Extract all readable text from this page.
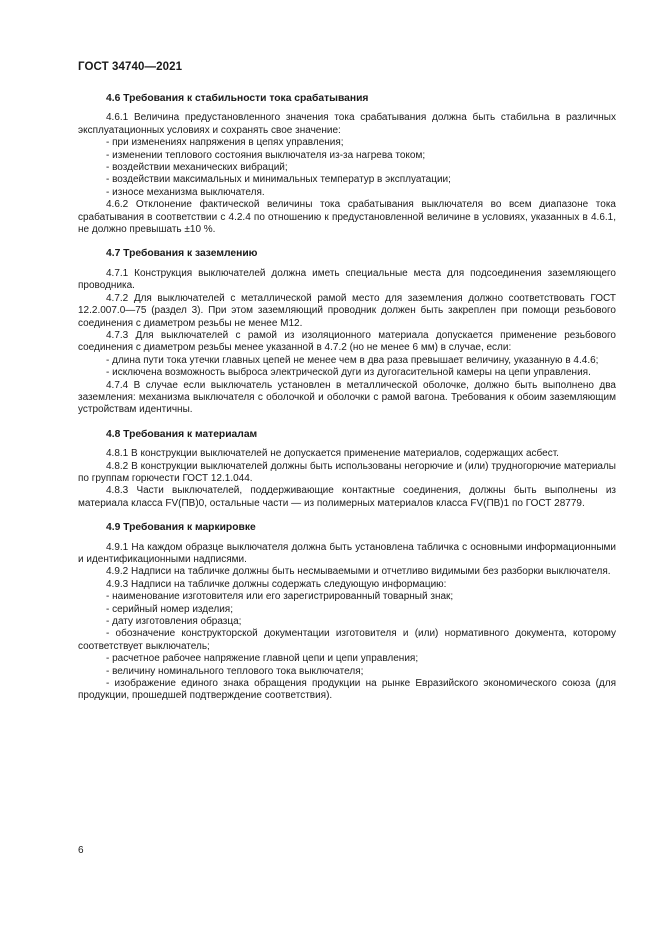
ГОСТ 34740—2021
4.6 Требования к стабильности тока срабатывания

4.6.1 Величина предустановленного значения тока срабатывания должна быть стабильна в различных эксплуатационных условиях и сохранять свое значение:

- при изменениях напряжения в цепях управления;

- изменении теплового состояния выключателя из-за нагрева током;

- воздействии механических вибраций;

- воздействии максимальных и минимальных температур в эксплуатации;

- износе механизма выключателя.

4.6.2 Отклонение фактической величины тока срабатывания выключателя во всем диапазоне тока срабатывания в соответствии с 4.2.4 по отношению к предустановленной величине в условиях, указанных в 4.6.1, не должно превышать ±10 %.

4.7 Требования к заземлению

4.7.1 Конструкция выключателей должна иметь специальные места для подсоединения заземляющего проводника.

4.7.2 Для выключателей с металлической рамой место для заземления должно соответствовать ГОСТ 12.2.007.0—75 (раздел 3). При этом заземляющий проводник должен быть закреплен при помощи резьбового соединения с диаметром резьбы не менее М12.

4.7.3 Для выключателей с рамой из изоляционного материала допускается применение резьбового соединения с диаметром резьбы менее указанной в 4.7.2 (но не менее 6 мм) в случае, если:

- длина пути тока утечки главных цепей не менее чем в два раза превышает величину, указанную в 4.4.6;

- исключена возможность выброса электрической дуги из дугогасительной камеры на цепи управления.

4.7.4 В случае если выключатель установлен в металлической оболочке, должно быть выполнено два заземления: механизма выключателя с оболочкой и оболочки с рамой вагона. Требования к обоим заземляющим устройствам идентичны.

4.8 Требования к материалам

4.8.1 В конструкции выключателей не допускается применение материалов, содержащих асбест.

4.8.2 В конструкции выключателей должны быть использованы негорючие и (или) трудногорючие материалы по группам горючести ГОСТ 12.1.044.

4.8.3 Части выключателей, поддерживающие контактные соединения, должны быть выполнены из материала класса FV(ПВ)0, остальные части — из полимерных материалов класса FV(ПВ)1 по ГОСТ 28779.

4.9 Требования к маркировке

4.9.1 На каждом образце выключателя должна быть установлена табличка с основными информационными и идентификационными надписями.

4.9.2 Надписи на табличке должны быть несмываемыми и отчетливо видимыми без разборки выключателя.

4.9.3 Надписи на табличке должны содержать следующую информацию:

- наименование изготовителя или его зарегистрированный товарный знак;

- серийный номер изделия;

- дату изготовления образца;

- обозначение конструкторской документации изготовителя и (или) нормативного документа, которому соответствует выключатель;

- расчетное рабочее напряжение главной цепи и цепи управления;

- величину номинального теплового тока выключателя;

- изображение единого знака обращения продукции на рынке Евразийского экономического союза (для продукции, прошедшей подтверждение соответствия).

6
